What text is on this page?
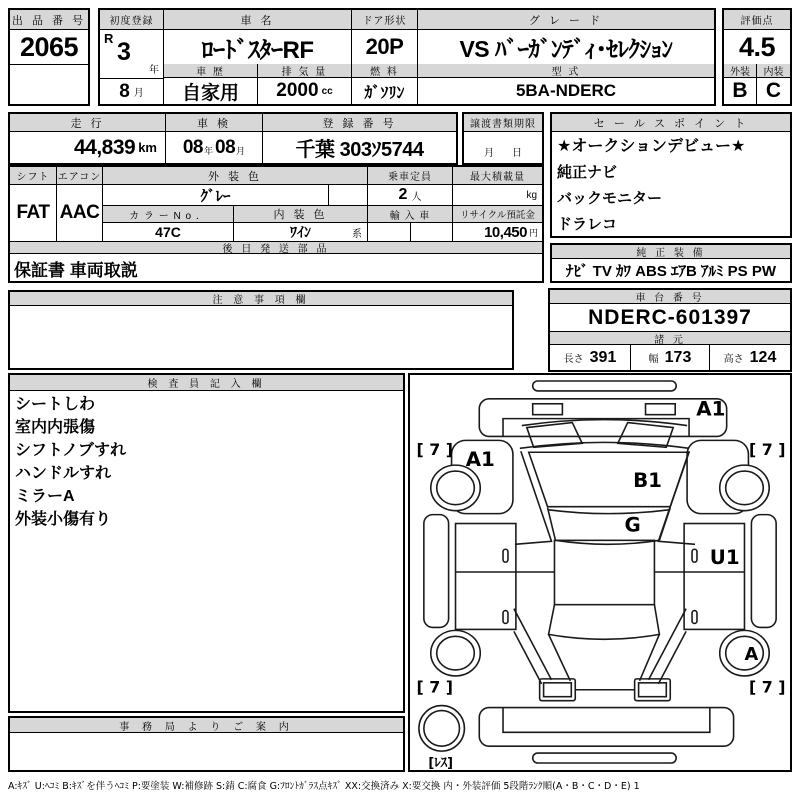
出 品 番 号
2065
初度登録
R 3
年
8 月
車 名
ﾛｰﾄﾞｽﾀｰRF
車 歴
自家用
排 気 量
2000 cc
ドア形状
20P
燃 料
ｶﾞｿﾘﾝ
グ レ ー ド
VS ﾊﾞｰｶﾞﾝﾃﾞｨ･ｾﾚｸｼｮﾝ
型 式
5BA-NDERC
評価点
4.5
外装
B
内装
C
走 行
44,839 km
車 検
08 年 08 月
登 録 番 号
千葉 303ｿ5744
譲渡書類期限
月 日
セ ー ル ス ポ イ ン ト
★オークションデビュー★
純正ナビ
バックモニター
ドラレコ
シフト
FAT
エアコン
AAC
外 装 色
ｸﾞﾚｰ
カ ラ ー N o ．	内 装 色
47C	ﾜｲﾝ	系
乗車定員
2 人
輸 入 車
最大積載量
kg
リサイクル預託金
10,450 円
後 日 発 送 部 品
保証書 車両取説
純 正 装 備
ﾅﾋﾞ TV ｶﾜ ABS ｴｱB ｱﾙﾐ PS PW
注 意 事 項 欄	車 台 番 号
NDERC-601397
諸 元
長さ 391	幅 173	高さ 124
検 査 員 記 入 欄
シートしわ
室内内張傷
シフトノブすれ
ハンドルすれ
ミラーA
外装小傷有り
事 務 局 よ り ご 案 内
A1
A1
B1
G
U1
A
[ 7 ]	[ 7 ]
[ 7 ]	[ 7 ]
[ﾚｽ]
A:ｷｽﾞ U:ﾍｺﾐ B:ｷｽﾞを伴うﾍｺﾐ P:要塗装 W:補修跡 S:錆 C:腐食 G:ﾌﾛﾝﾄｶﾞﾗｽ点ｷｽﾞ XX:交換済み X:要交換 内・外装評価 5段階ﾗﾝｸ順(A・B・C・D・E) 1
